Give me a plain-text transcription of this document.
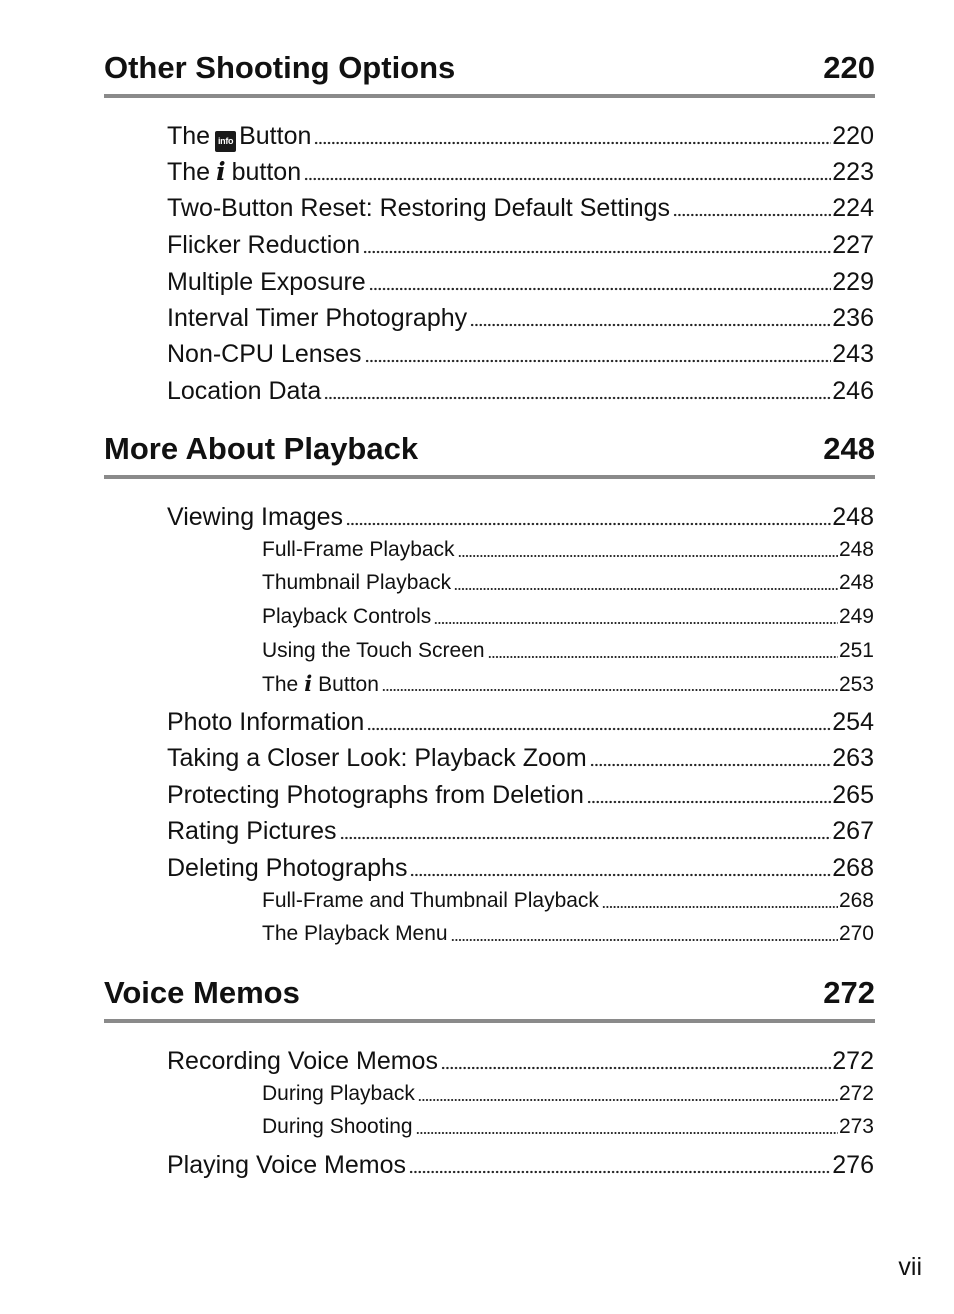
Other Shooting Options	220
The info Button	220
The i button	223
Two-Button Reset: Restoring Default Settings	224
Flicker Reduction	227
Multiple Exposure	229
Interval Timer Photography	236
Non-CPU Lenses	243
Location Data	246
More About Playback	248
Viewing Images	248
Full-Frame Playback	248
Thumbnail Playback	248
Playback Controls	249
Using the Touch Screen	251
The i Button	253
Photo Information	254
Taking a Closer Look: Playback Zoom	263
Protecting Photographs from Deletion	265
Rating Pictures	267
Deleting Photographs	268
Full-Frame and Thumbnail Playback	268
The Playback Menu	270
Voice Memos	272
Recording Voice Memos	272
During Playback	272
During Shooting	273
Playing Voice Memos	276
vii
